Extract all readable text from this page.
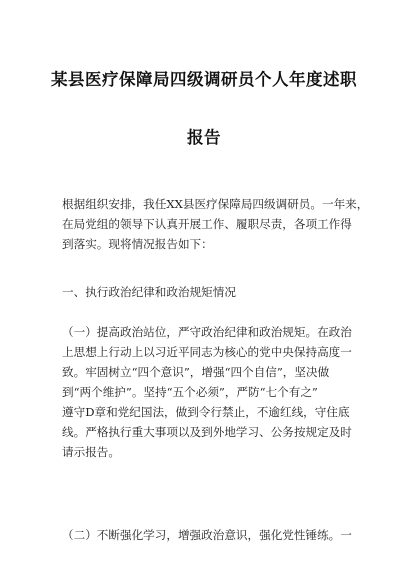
某县医疗保障局四级调研员个人年度述职
报告
根据组织安排，我任XX县医疗保障局四级调研员。一年来，
在局党组的领导下认真开展工作、履职尽责，各项工作得
到落实。现将情况报告如下：
一、执行政治纪律和政治规矩情况
（一）提高政治站位，严守政治纪律和政治规矩。在政治
上思想上行动上以习近平同志为核心的党中央保持高度一
致。牢固树立“四个意识”，增强“四个自信”，坚决做
到“两个维护”。坚持“五个必须”，严防“七个有之”
遵守D章和党纪国法，做到令行禁止，不逾红线，守住底
线。严格执行重大事项以及到外地学习、公务按规定及时
请示报告。
（二）不断强化学习，增强政治意识，强化党性锤练。一
